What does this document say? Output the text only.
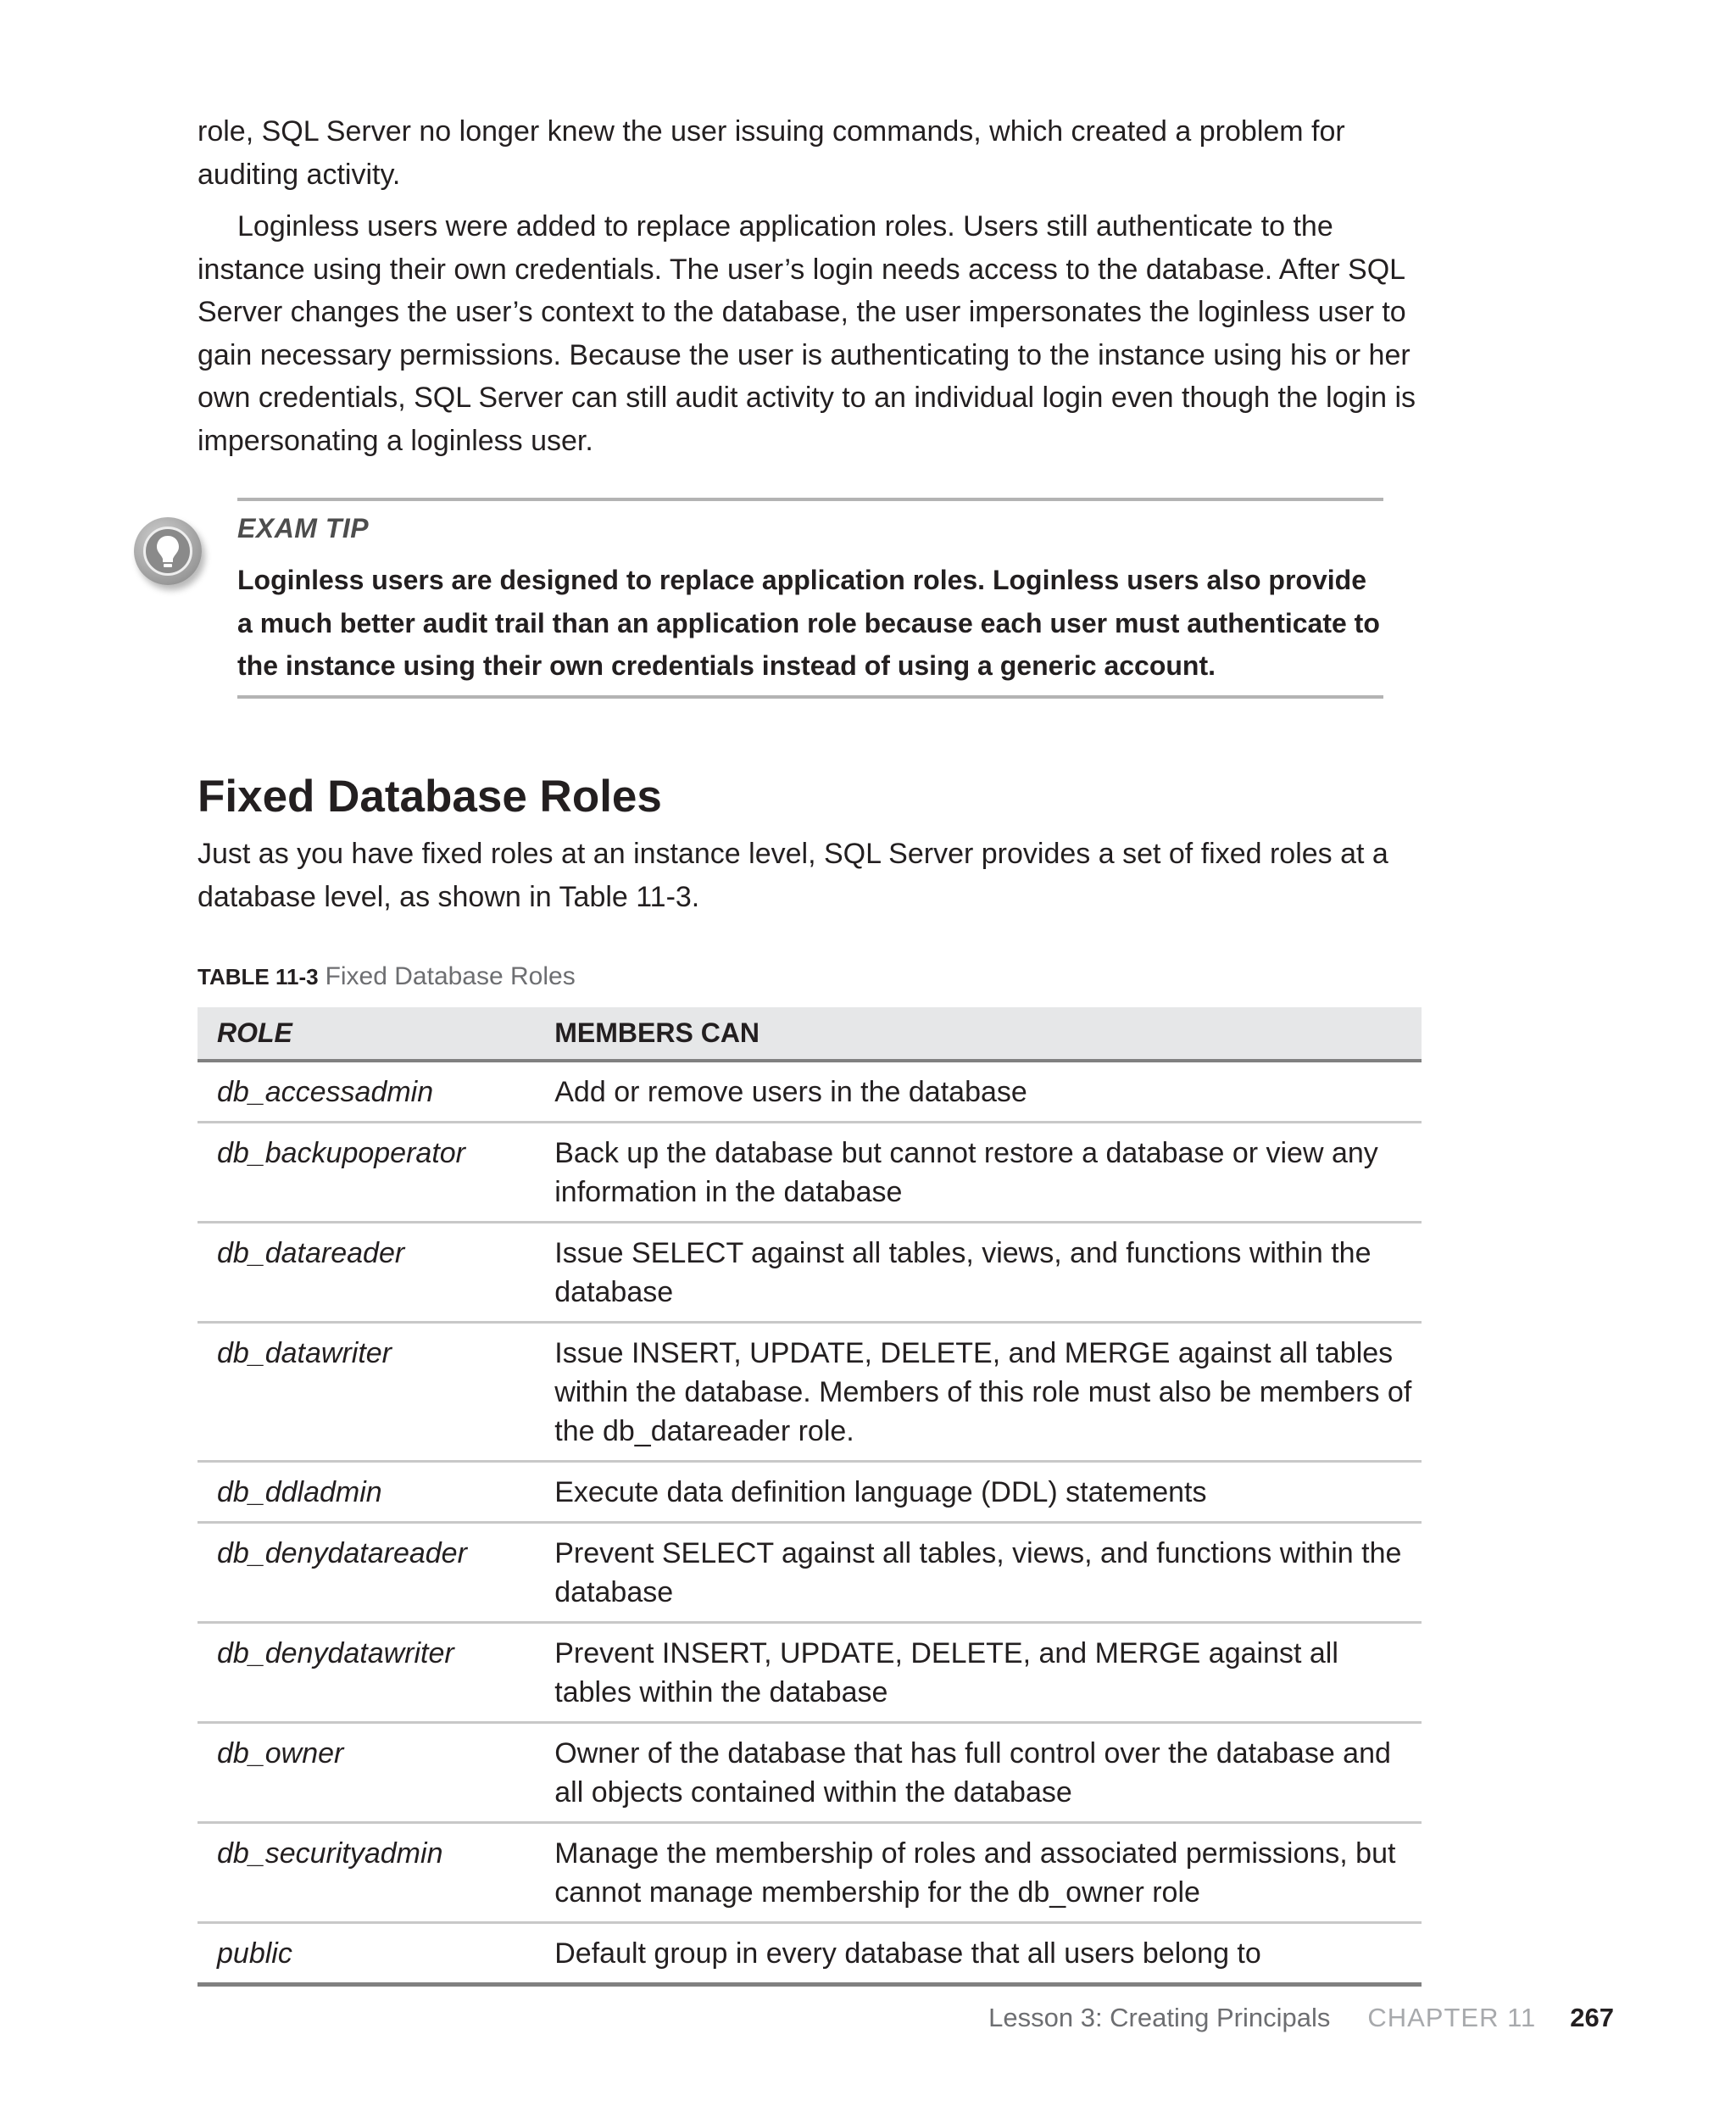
role, SQL Server no longer knew the user issuing commands, which created a problem for auditing activity.

Loginless users were added to replace application roles. Users still authenticate to the instance using their own credentials. The user’s login needs access to the database. After SQL Server changes the user’s context to the database, the user impersonates the loginless user to gain necessary permissions. Because the user is authenticating to the instance using his or her own credentials, SQL Server can still audit activity to an individual login even though the login is impersonating a loginless user.

EXAM TIP

Loginless users are designed to replace application roles. Loginless users also provide a much better audit trail than an application role because each user must authenticate to the instance using their own credentials instead of using a generic account.

Fixed Database Roles

Just as you have fixed roles at an instance level, SQL Server provides a set of fixed roles at a database level, as shown in Table 11-3.

TABLE 11-3 Fixed Database Roles

ROLE	MEMBERS CAN
db_accessadmin	Add or remove users in the database
db_backupoperator	Back up the database but cannot restore a database or view any information in the database
db_datareader	Issue SELECT against all tables, views, and functions within the database
db_datawriter	Issue INSERT, UPDATE, DELETE, and MERGE against all tables within the database. Members of this role must also be members of the db_datareader role.
db_ddladmin	Execute data definition language (DDL) statements
db_denydatareader	Prevent SELECT against all tables, views, and functions within the database
db_denydatawriter	Prevent INSERT, UPDATE, DELETE, and MERGE against all tables within the database
db_owner	Owner of the database that has full control over the database and all objects contained within the database
db_securityadmin	Manage the membership of roles and associated permissions, but cannot manage membership for the db_owner role
public	Default group in every database that all users belong to

Lesson 3: Creating Principals CHAPTER 11 267
